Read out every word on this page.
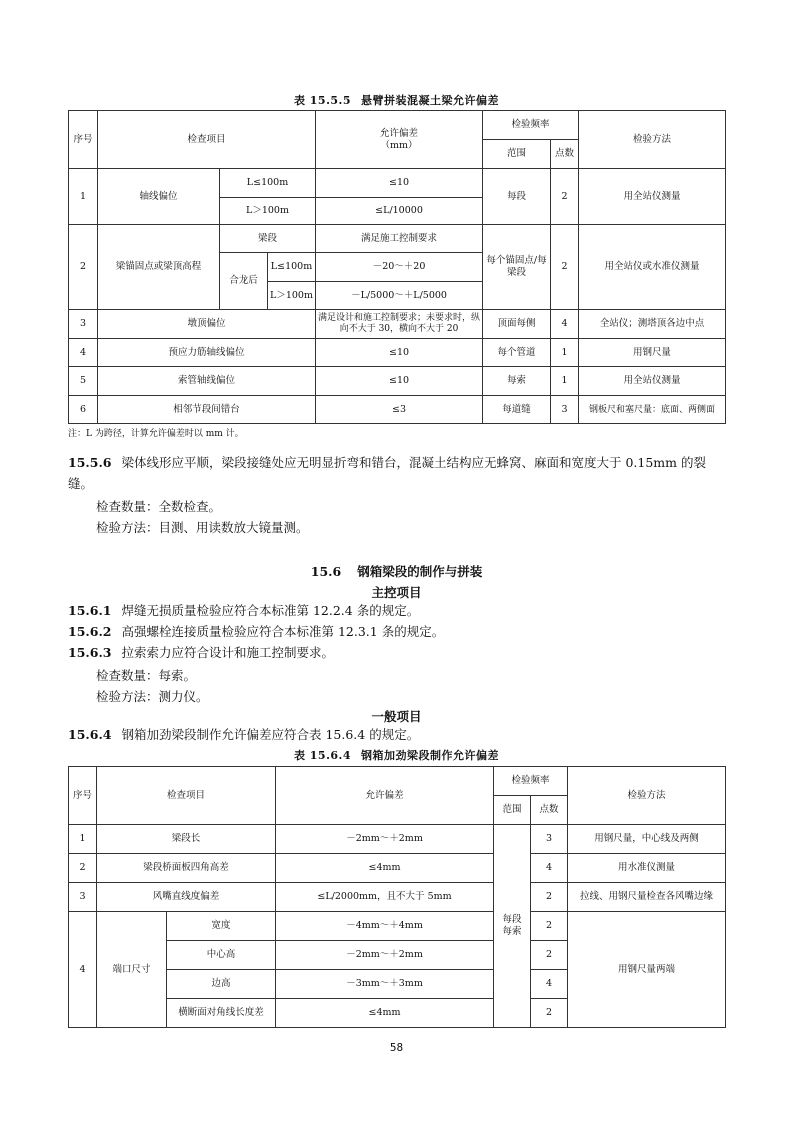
表 15.5.5 悬臂拼装混凝土梁允许偏差
序号	检查项目			允许偏差
（mm）	检验频率		检验方法
					范围	点数	
1	轴线偏位	L≤100m		≤10	每段	2	用全站仪测量
		L＞100m		≤L/10000			
2	梁锚固点或梁顶高程	梁段		满足施工控制要求	每个锚固点/每梁段	2	用全站仪或水准仪测量
		合龙后	L≤100m	－20～＋20			
			L＞100m	－L/5000～＋L/5000			
3	墩顶偏位			满足设计和施工控制要求；未要求时，纵向不大于 30，横向不大于 20	顶面每侧	4	全站仪；测塔顶各边中点
4	预应力筋轴线偏位			≤10	每个管道	1	用钢尺量
5	索管轴线偏位			≤10	每索	1	用全站仪测量
6	相邻节段间错台			≤3	每道缝	3	钢板尺和塞尺量：底面、两侧面
注：L 为跨径，计算允许偏差时以 mm 计。
15.5.6 梁体线形应平顺，梁段接缝处应无明显折弯和错台，混凝土结构应无蜂窝、麻面和宽度大于 0.15mm 的裂缝。
检查数量：全数检查。
检验方法：目测、用读数放大镜量测。
15.6 钢箱梁段的制作与拼装
主控项目
15.6.1 焊缝无损质量检验应符合本标准第 12.2.4 条的规定。
15.6.2 高强螺栓连接质量检验应符合本标准第 12.3.1 条的规定。
15.6.3 拉索索力应符合设计和施工控制要求。
检查数量：每索。
检验方法：测力仪。
一般项目
15.6.4 钢箱加劲梁段制作允许偏差应符合表 15.6.4 的规定。
表 15.6.4 钢箱加劲梁段制作允许偏差
序号	检查项目		允许偏差	检验频率		检验方法
				范围	点数	
1	梁段长		－2mm～＋2mm	每段每索	3	用钢尺量，中心线及两侧
2	梁段桥面板四角高差		≤4mm		4	用水准仪测量
3	风嘴直线度偏差		≤L/2000mm，且不大于 5mm		2	拉线、用钢尺量检查各风嘴边缘
4	端口尺寸	宽度	－4mm～＋4mm		2	用钢尺量两端
		中心高	－2mm～＋2mm		2	
		边高	－3mm～＋3mm		4	
		横断面对角线长度差	≤4mm		2	
58
